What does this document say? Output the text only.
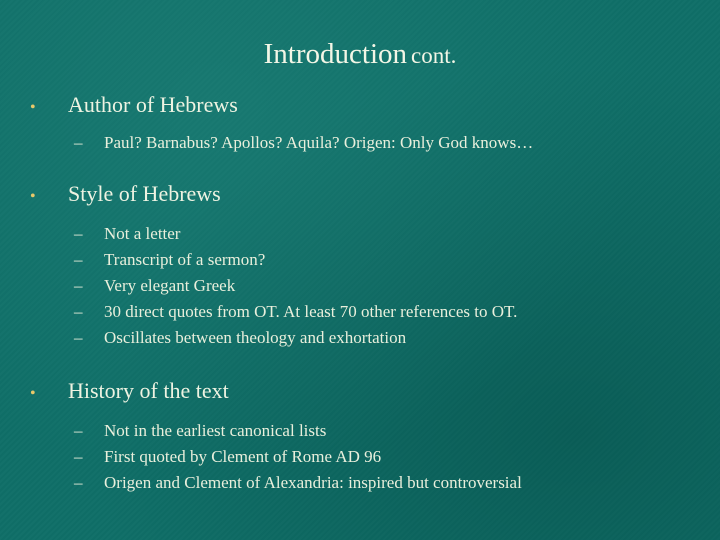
Introduction cont.
•	Author of Hebrews
–	Paul? Barnabus? Apollos? Aquila? Origen: Only God knows…
•	Style of Hebrews
–	Not a letter
–	Transcript of a sermon?
–	Very elegant Greek
–	30 direct quotes from OT. At least 70 other references to OT.
–	Oscillates between theology and exhortation
•	History of the text
–	Not in the earliest canonical lists
–	First quoted by Clement of Rome AD 96
–	Origen and Clement of Alexandria: inspired but controversial
